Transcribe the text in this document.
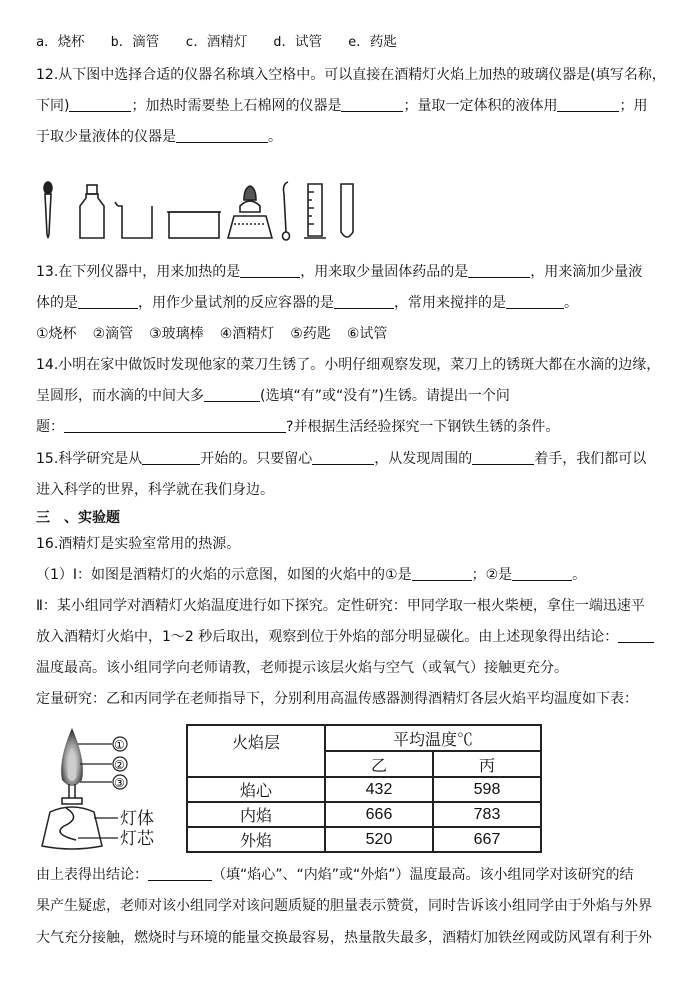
a．烧杯 b．滴管 c．酒精灯 d．试管 e．药匙
12.从下图中选择合适的仪器名称填入空格中。可以直接在酒精灯火焰上加热的玻璃仪器是(填写名称，
下同)	；加热时需要垫上石棉网的仪器是	；量取一定体积的液体用	；用
于取少量液体的仪器是	。
13.在下列仪器中，用来加热的是	，用来取少量固体药品的是	，用来滴加少量液
体的是	，用作少量试剂的反应容器的是	，常用来搅拌的是	。
①烧杯 ②滴管 ③玻璃棒 ④酒精灯 ⑤药匙 ⑥试管
14.小明在家中做饭时发现他家的菜刀生锈了。小明仔细观察发现，菜刀上的锈斑大都在水滴的边缘，
呈圆形，而水滴的中间大多	(选填“有”或“没有”)生锈。请提出一个问
题：	?并根据生活经验探究一下钢铁生锈的条件。
15.科学研究是从	开始的。只要留心	，从发现周围的	着手，我们都可以
进入科学的世界，科学就在我们身边。
三　、实验题
16.酒精灯是实验室常用的热源。
（1）Ⅰ：如图是酒精灯的火焰的示意图，如图的火焰中的①是	；②是	。
Ⅱ：某小组同学对酒精灯火焰温度进行如下探究。定性研究：甲同学取一根火柴梗，拿住一端迅速平
放入酒精灯火焰中，1～2 秒后取出，观察到位于外焰的部分明显碳化。由上述现象得出结论：
温度最高。该小组同学向老师请教，老师提示该层火焰与空气（或氧气）接触更充分。
定量研究：乙和丙同学在老师指导下，分别利用高温传感器测得酒精灯各层火焰平均温度如下表：
①
②
③
灯体
灯芯
火焰层	平均温度℃	
	乙	丙
焰心	432	598
内焰	666	783
外焰	520	667
由上表得出结论：	（填“焰心”、“内焰”或“外焰”）温度最高。该小组同学对该研究的结
果产生疑虑，老师对该小组同学对该问题质疑的胆量表示赞赏，同时告诉该小组同学由于外焰与外界
大气充分接触，燃烧时与环境的能量交换最容易，热量散失最多，酒精灯加铁丝网或防风罩有利于外
